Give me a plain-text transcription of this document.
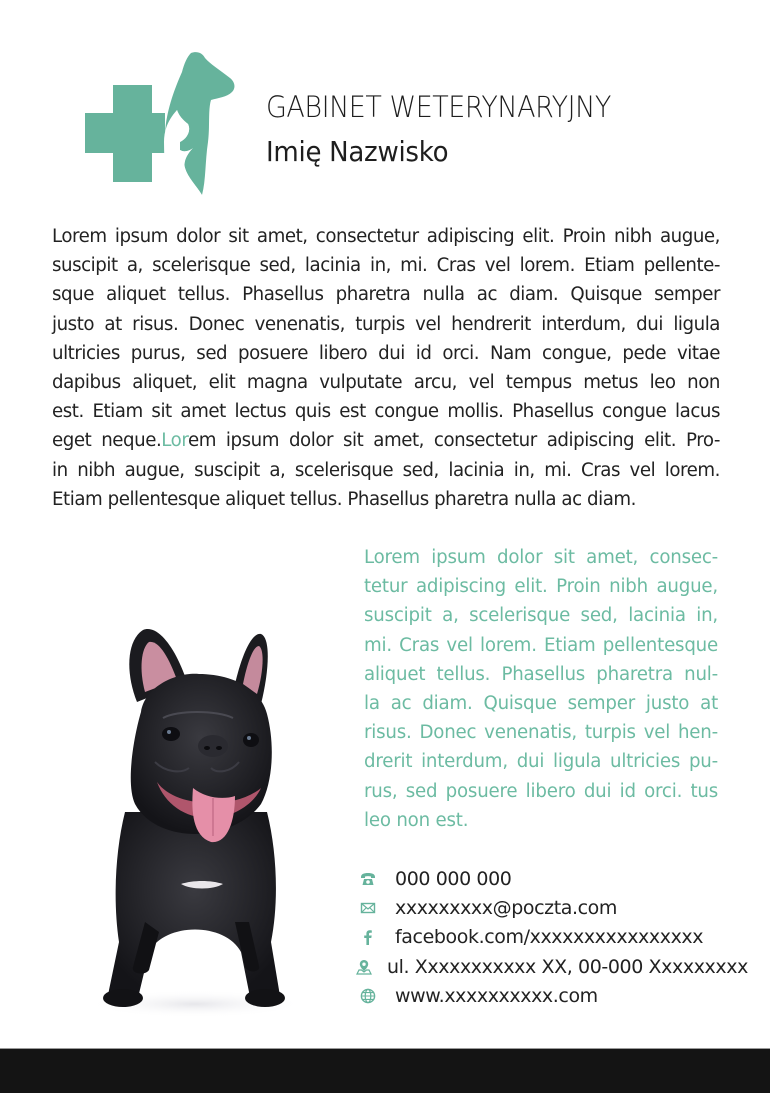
GABINET WETERYNARYJNY
Imię Nazwisko
Lorem ipsum dolor sit amet, consectetur adipiscing elit. Proin nibh augue,
suscipit a, scelerisque sed, lacinia in, mi. Cras vel lorem. Etiam pellente-
sque aliquet tellus. Phasellus pharetra nulla ac diam. Quisque semper
justo at risus. Donec venenatis, turpis vel hendrerit interdum, dui ligula
ultricies purus, sed posuere libero dui id orci. Nam congue, pede vitae
dapibus aliquet, elit magna vulputate arcu, vel tempus metus leo non
est. Etiam sit amet lectus quis est congue mollis. Phasellus congue lacus
eget neque.Lorem ipsum dolor sit amet, consectetur adipiscing elit. Pro-
in nibh augue, suscipit a, scelerisque sed, lacinia in, mi. Cras vel lorem.
Etiam pellentesque aliquet tellus. Phasellus pharetra nulla ac diam.
Lorem ipsum dolor sit amet, consec-
tetur adipiscing elit. Proin nibh augue,
suscipit a, scelerisque sed, lacinia in,
mi. Cras vel lorem. Etiam pellentesque
aliquet tellus. Phasellus pharetra nul-
la ac diam. Quisque semper justo at
risus. Donec venenatis, turpis vel hen-
drerit interdum, dui ligula ultricies pu-
rus, sed posuere libero dui id orci. tus
leo non est.
000 000 000
xxxxxxxxx@poczta.com
facebook.com/xxxxxxxxxxxxxxxx
ul. Xxxxxxxxxxx XX, 00-000 Xxxxxxxxx
www.xxxxxxxxxx.com
